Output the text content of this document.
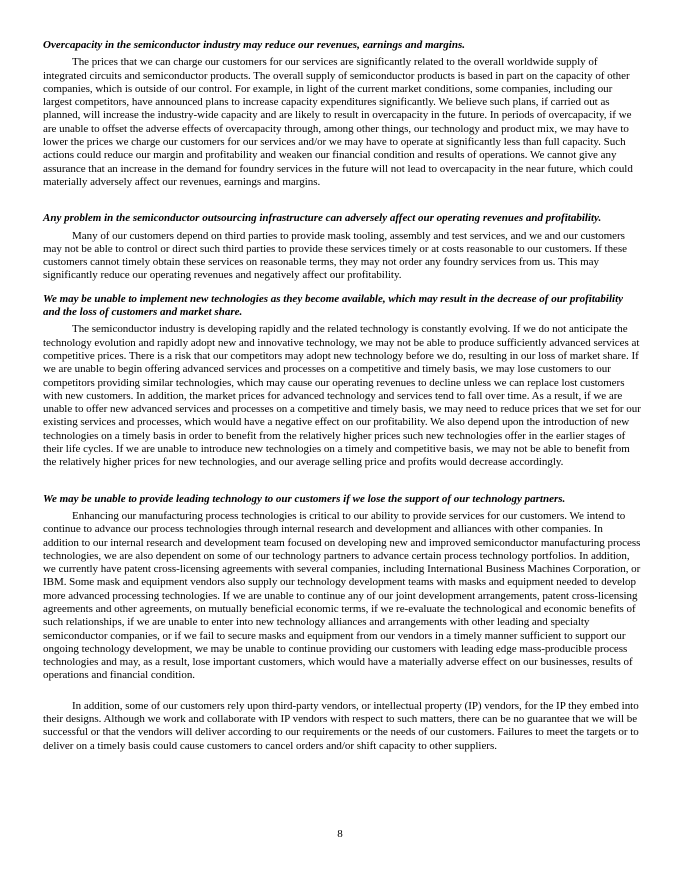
Overcapacity in the semiconductor industry may reduce our revenues, earnings and margins.

The prices that we can charge our customers for our services are significantly related to the overall worldwide supply of integrated circuits and semiconductor products. The overall supply of semiconductor products is based in part on the capacity of other companies, which is outside of our control. For example, in light of the current market conditions, some companies, including our largest competitors, have announced plans to increase capacity expenditures significantly. We believe such plans, if carried out as planned, will increase the industry-wide capacity and are likely to result in overcapacity in the future. In periods of overcapacity, if we are unable to offset the adverse effects of overcapacity through, among other things, our technology and product mix, we may have to lower the prices we charge our customers for our services and/or we may have to operate at significantly less than full capacity. Such actions could reduce our margin and profitability and weaken our financial condition and results of operations. We cannot give any assurance that an increase in the demand for foundry services in the future will not lead to overcapacity in the near future, which could materially adversely affect our revenues, earnings and margins.

Any problem in the semiconductor outsourcing infrastructure can adversely affect our operating revenues and profitability.

Many of our customers depend on third parties to provide mask tooling, assembly and test services, and we and our customers may not be able to control or direct such third parties to provide these services timely or at costs reasonable to our customers. If these customers cannot timely obtain these services on reasonable terms, they may not order any foundry services from us. This may significantly reduce our operating revenues and negatively affect our profitability.

We may be unable to implement new technologies as they become available, which may result in the decrease of our profitability and the loss of customers and market share.

The semiconductor industry is developing rapidly and the related technology is constantly evolving. If we do not anticipate the technology evolution and rapidly adopt new and innovative technology, we may not be able to produce sufficiently advanced services at competitive prices. There is a risk that our competitors may adopt new technology before we do, resulting in our loss of market share. If we are unable to begin offering advanced services and processes on a competitive and timely basis, we may lose customers to our competitors providing similar technologies, which may cause our operating revenues to decline unless we can replace lost customers with new customers. In addition, the market prices for advanced technology and services tend to fall over time. As a result, if we are unable to offer new advanced services and processes on a competitive and timely basis, we may need to reduce prices that we set for our existing services and processes, which would have a negative effect on our profitability. We also depend upon the introduction of new technologies on a timely basis in order to benefit from the relatively higher prices such new technologies offer in the earlier stages of their life cycles. If we are unable to introduce new technologies on a timely and competitive basis, we may not be able to benefit from the relatively higher prices for new technologies, and our average selling price and profits would decrease accordingly.

We may be unable to provide leading technology to our customers if we lose the support of our technology partners.

Enhancing our manufacturing process technologies is critical to our ability to provide services for our customers. We intend to continue to advance our process technologies through internal research and development and alliances with other companies. In addition to our internal research and development team focused on developing new and improved semiconductor manufacturing process technologies, we are also dependent on some of our technology partners to advance certain process technology portfolios. In addition, we currently have patent cross-licensing agreements with several companies, including International Business Machines Corporation, or IBM. Some mask and equipment vendors also supply our technology development teams with masks and equipment needed to develop more advanced processing technologies. If we are unable to continue any of our joint development arrangements, patent cross-licensing agreements and other agreements, on mutually beneficial economic terms, if we re-evaluate the technological and economic benefits of such relationships, if we are unable to enter into new technology alliances and arrangements with other leading and specialty semiconductor companies, or if we fail to secure masks and equipment from our vendors in a timely manner sufficient to support our ongoing technology development, we may be unable to continue providing our customers with leading edge mass-producible process technologies and may, as a result, lose important customers, which would have a materially adverse effect on our businesses, results of operations and financial condition.

In addition, some of our customers rely upon third-party vendors, or intellectual property (IP) vendors, for the IP they embed into their designs. Although we work and collaborate with IP vendors with respect to such matters, there can be no guarantee that we will be successful or that the vendors will deliver according to our requirements or the needs of our customers. Failures to meet the targets or to deliver on a timely basis could cause customers to cancel orders and/or shift capacity to other suppliers.

8
